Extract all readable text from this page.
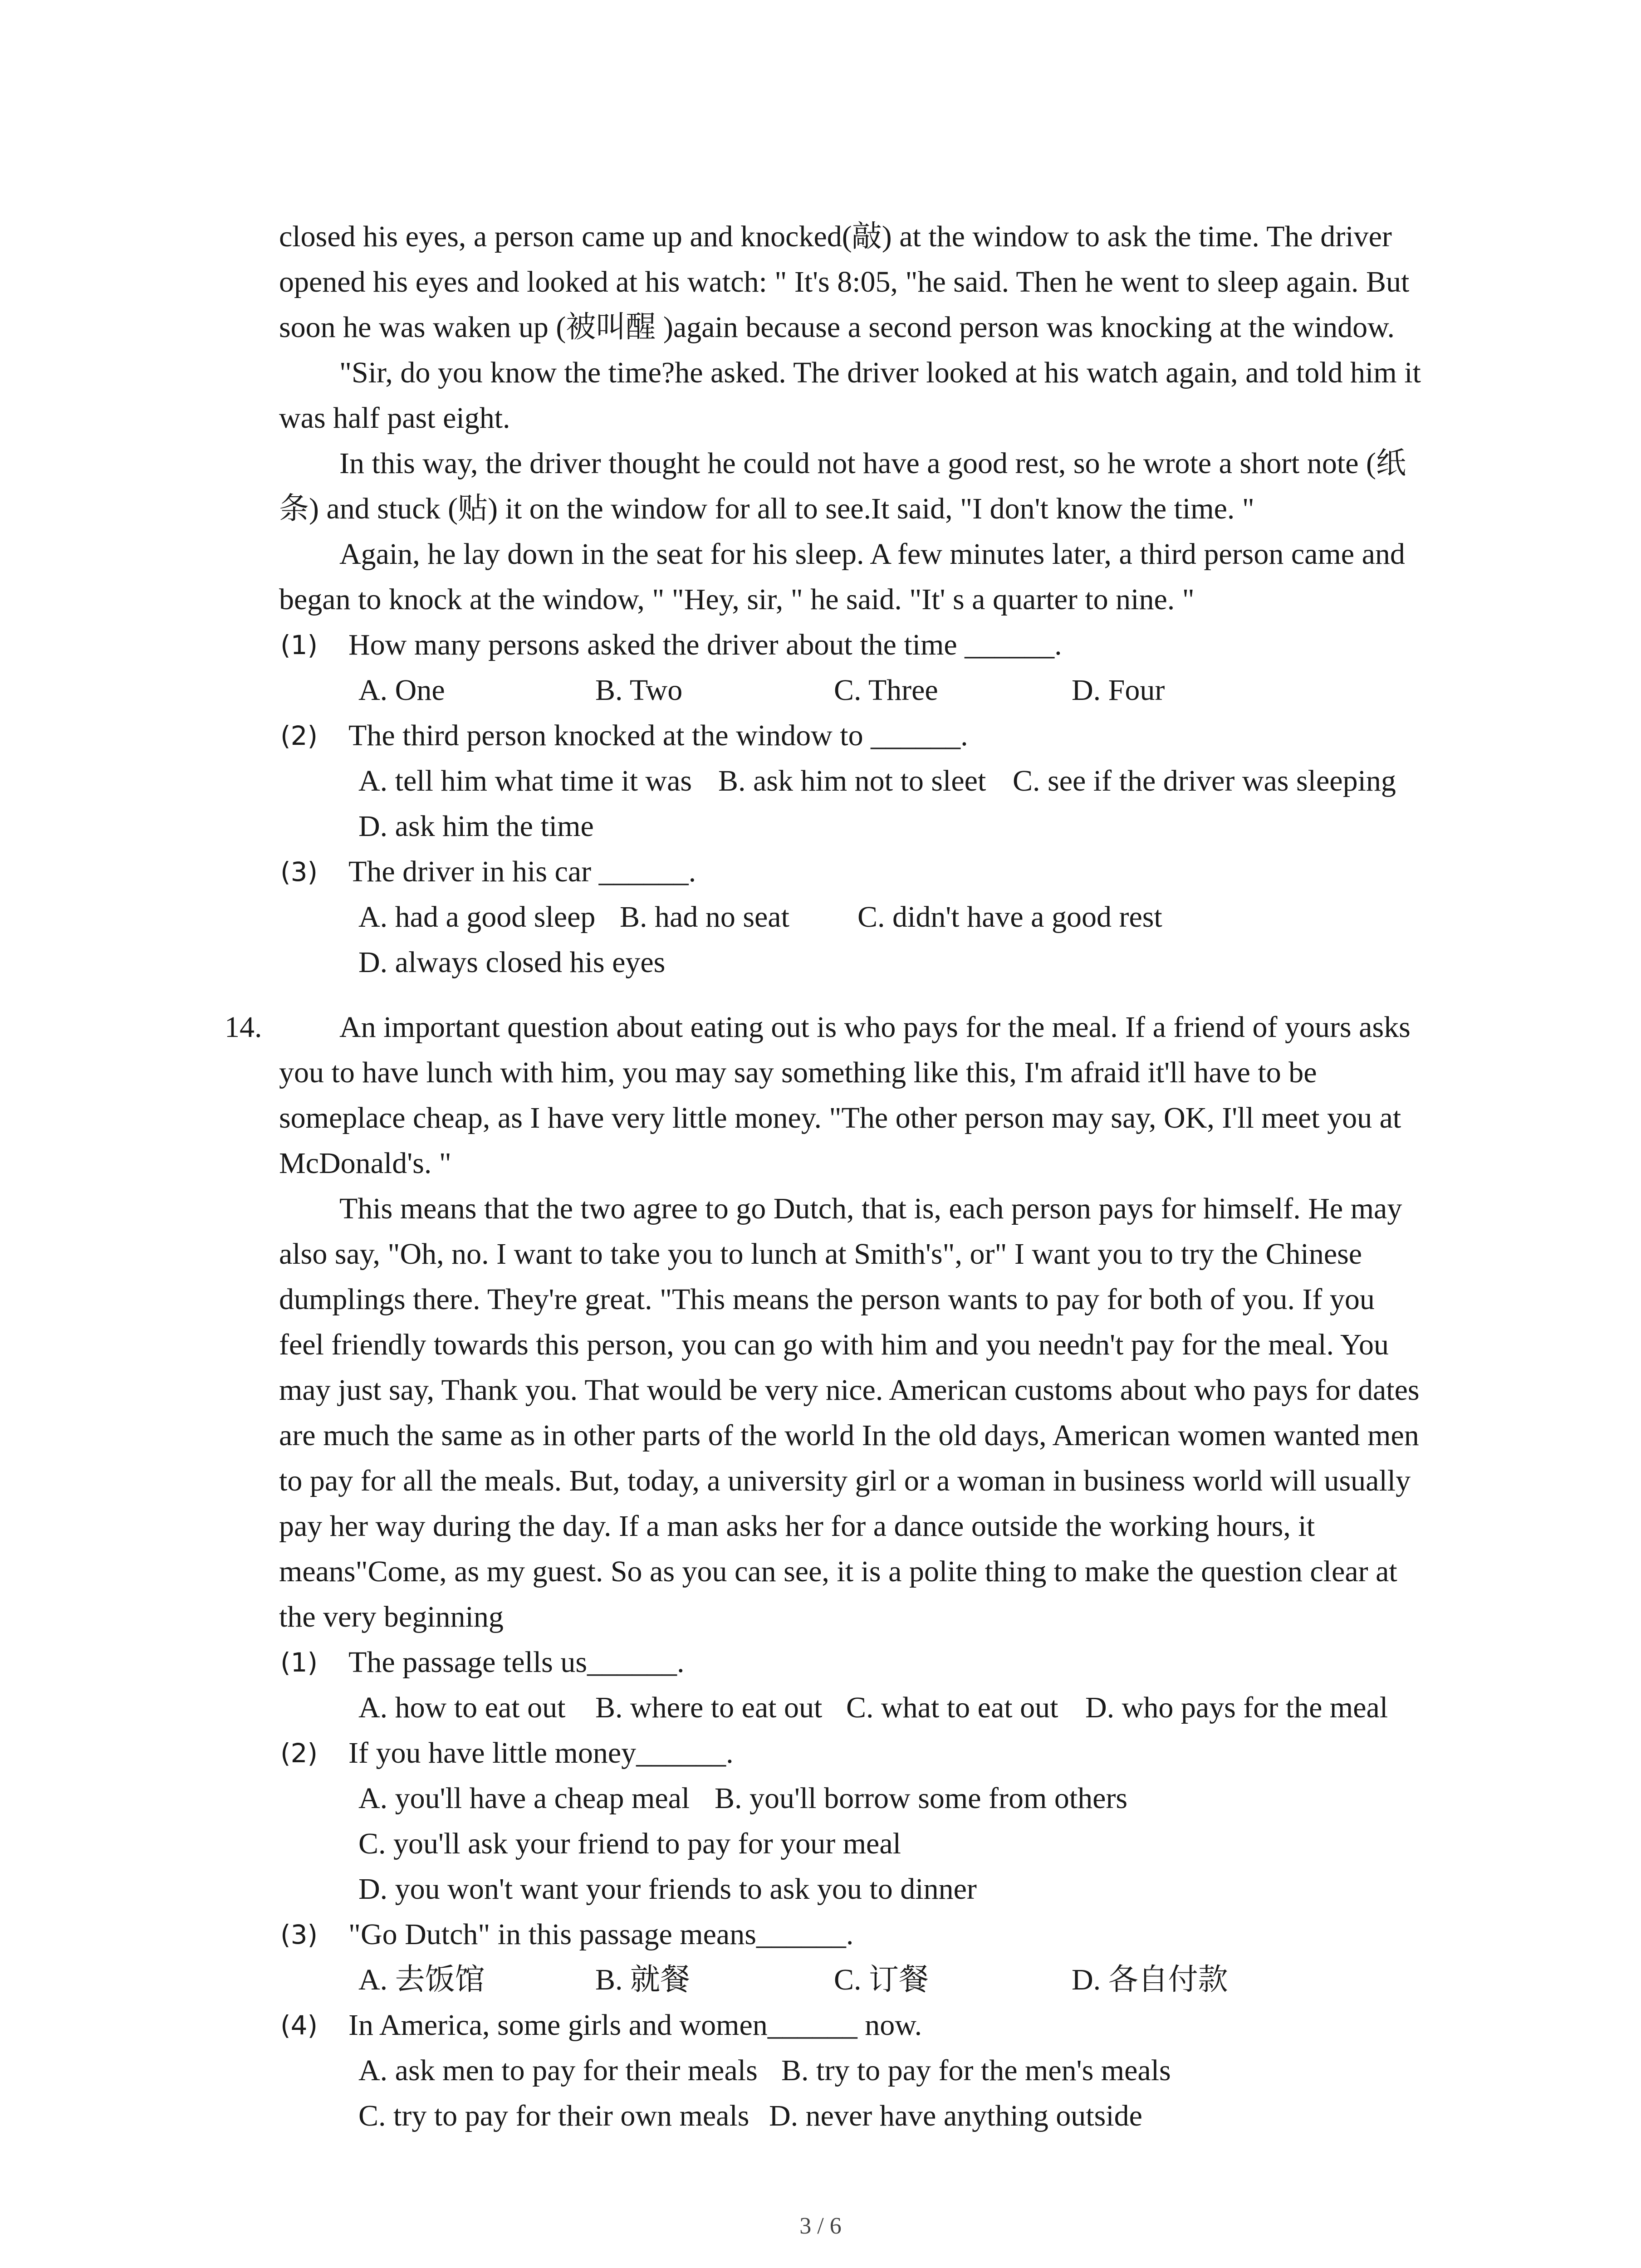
closed his eyes, a person came up and knocked(敲) at the window to ask the time. The driver
opened his eyes and looked at his watch: " It's 8:05, "he said. Then he went to sleep again. But
soon he was waken up (被叫醒 )again because a second person was knocking at the window.
"Sir, do you know the time?he asked. The driver looked at his watch again, and told him it
was half past eight.
In this way, the driver thought he could not have a good rest, so he wrote a short note (纸
条) and stuck (贴) it on the window for all to see.It said, "I don't know the time. "
Again, he lay down in the seat for his sleep. A few minutes later, a third person came and
began to knock at the window, " "Hey, sir, " he said. "It' s a quarter to nine. "
(1) How many persons asked the driver about the time ______.
A. One	B. Two	C. Three	D. Four
(2) The third person knocked at the window to ______.
A. tell him what time it was B. ask him not to sleet C. see if the driver was sleeping
D. ask him the time
(3) The driver in his car ______.
A. had a good sleep B. had no seat C. didn't have a good rest
D. always closed his eyes
14.	An important question about eating out is who pays for the meal. If a friend of yours asks
you to have lunch with him, you may say something like this, I'm afraid it'll have to be
someplace cheap, as I have very little money. "The other person may say, OK, I'll meet you at
McDonald's. "
This means that the two agree to go Dutch, that is, each person pays for himself. He may
also say, "Oh, no. I want to take you to lunch at Smith's", or" I want you to try the Chinese
dumplings there. They're great. "This means the person wants to pay for both of you. If you
feel friendly towards this person, you can go with him and you needn't pay for the meal. You
may just say, Thank you. That would be very nice. American customs about who pays for dates
are much the same as in other parts of the world In the old days, American women wanted men
to pay for all the meals. But, today, a university girl or a woman in business world will usually
pay her way during the day. If a man asks her for a dance outside the working hours, it
means"Come, as my guest. So as you can see, it is a polite thing to make the question clear at
the very beginning
(1) The passage tells us______.
A. how to eat out B. where to eat out C. what to eat out D. who pays for the meal
(2) If you have little money______.
A. you'll have a cheap meal B. you'll borrow some from others
C. you'll ask your friend to pay for your meal
D. you won't want your friends to ask you to dinner
(3) "Go Dutch" in this passage means______.
A. 去饭馆	B. 就餐	C. 订餐	D. 各自付款
(4) In America, some girls and women______ now.
A. ask men to pay for their meals B. try to pay for the men's meals
C. try to pay for their own meals D. never have anything outside
3 / 6
